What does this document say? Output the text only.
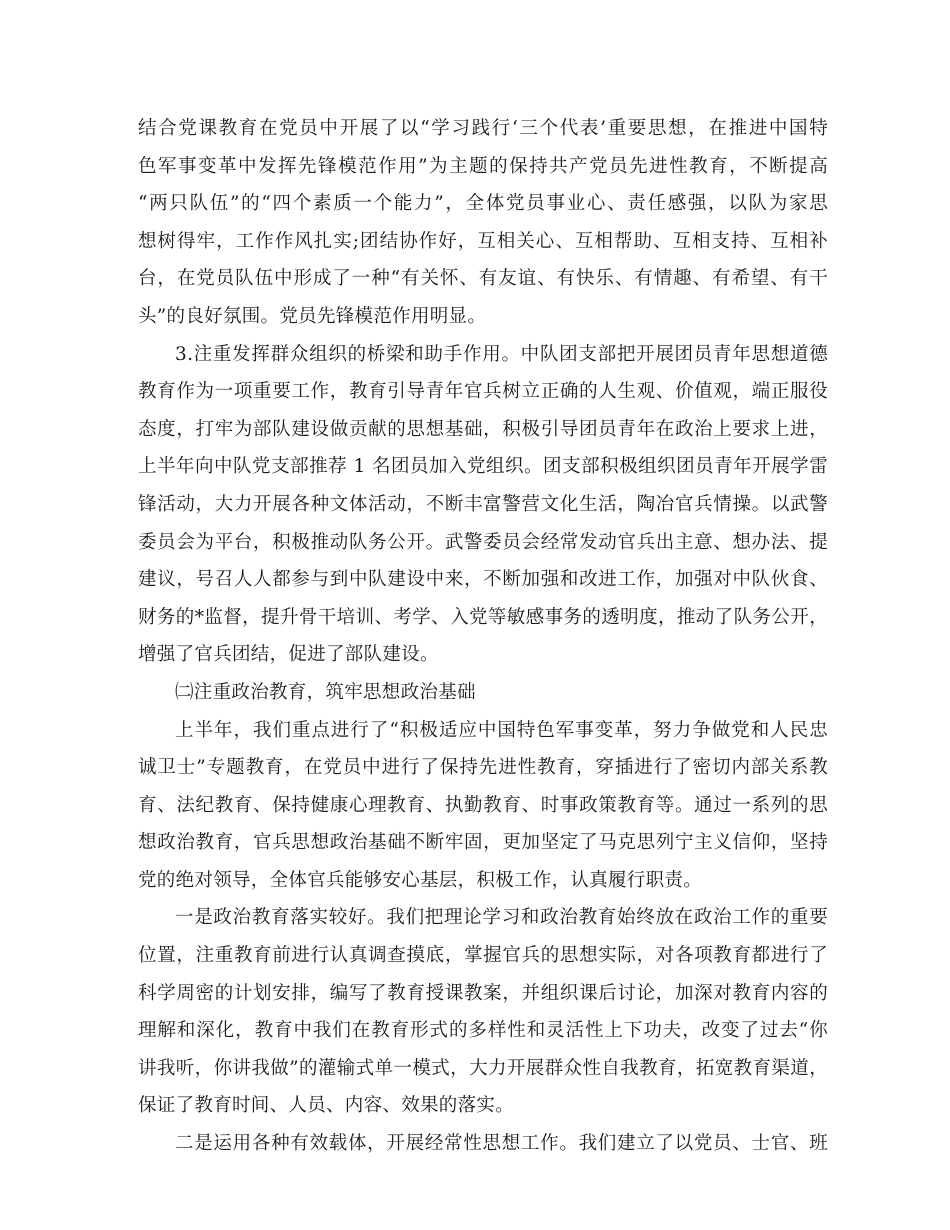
结合党课教育在党员中开展了以“学习践行‘三个代表’重要思想，在推进中国特
色军事变革中发挥先锋模范作用”为主题的保持共产党员先进性教育，不断提高
“两只队伍”的“四个素质一个能力”，全体党员事业心、责任感强，以队为家思
想树得牢，工作作风扎实;团结协作好，互相关心、互相帮助、互相支持、互相补
台，在党员队伍中形成了一种“有关怀、有友谊、有快乐、有情趣、有希望、有干
头”的良好氛围。党员先锋模范作用明显。
3.注重发挥群众组织的桥梁和助手作用。中队团支部把开展团员青年思想道德
教育作为一项重要工作，教育引导青年官兵树立正确的人生观、价值观，端正服役
态度，打牢为部队建设做贡献的思想基础，积极引导团员青年在政治上要求上进，
上半年向中队党支部推荐 1 名团员加入党组织。团支部积极组织团员青年开展学雷
锋活动，大力开展各种文体活动，不断丰富警营文化生活，陶冶官兵情操。以武警
委员会为平台，积极推动队务公开。武警委员会经常发动官兵出主意、想办法、提
建议，号召人人都参与到中队建设中来，不断加强和改进工作，加强对中队伙食、
财务的*监督，提升骨干培训、考学、入党等敏感事务的透明度，推动了队务公开，
增强了官兵团结，促进了部队建设。
㈡注重政治教育，筑牢思想政治基础
上半年，我们重点进行了“积极适应中国特色军事变革，努力争做党和人民忠
诚卫士”专题教育，在党员中进行了保持先进性教育，穿插进行了密切内部关系教
育、法纪教育、保持健康心理教育、执勤教育、时事政策教育等。通过一系列的思
想政治教育，官兵思想政治基础不断牢固，更加坚定了马克思列宁主义信仰，坚持
党的绝对领导，全体官兵能够安心基层，积极工作，认真履行职责。
一是政治教育落实较好。我们把理论学习和政治教育始终放在政治工作的重要
位置，注重教育前进行认真调查摸底，掌握官兵的思想实际，对各项教育都进行了
科学周密的计划安排，编写了教育授课教案，并组织课后讨论，加深对教育内容的
理解和深化，教育中我们在教育形式的多样性和灵活性上下功夫，改变了过去“你
讲我听，你讲我做”的灌输式单一模式，大力开展群众性自我教育，拓宽教育渠道，
保证了教育时间、人员、内容、效果的落实。
二是运用各种有效载体，开展经常性思想工作。我们建立了以党员、士官、班
